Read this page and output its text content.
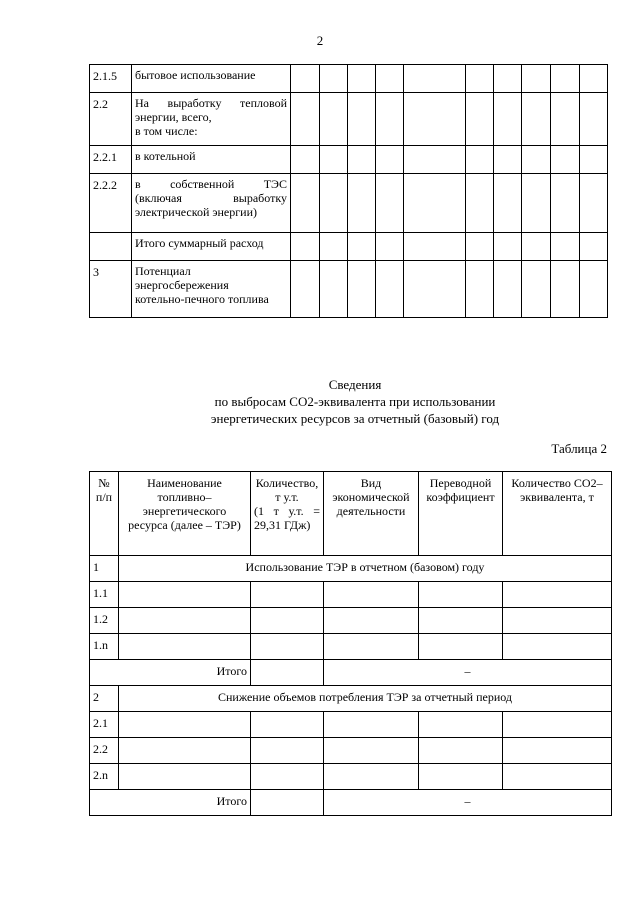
2
2.1.5	бытовое использование										

2.2	На выработку тепловой
энергии, всего,
в том числе:										

2.2.1	в котельной										

2.2.2	в собственной ТЭС
(включая выработку
электрической энергии)										

	Итого суммарный расход										

3	Потенциал
энергосбережения
котельно-печного топлива										

Сведения
по выбросам СО2-эквивалента при использовании
энергетических ресурсов за отчетный (базовый) год
Таблица 2
№
п/п	Наименование
топливно–
энергетического
ресурса (далее – ТЭР)	Количество,
т у.т.
(1 т у.т. =
29,31 ГДж)	Вид
экономической
деятельности	Переводной
коэффициент	Количество СО2–
эквивалента, т

1	Использование ТЭР в отчетном (базовом) году				
1.1					
1.2					
1.n					
Итого			–		
2	Снижение объемов потребления ТЭР за отчетный период				
2.1					
2.2					
2.n					
Итого			–		
